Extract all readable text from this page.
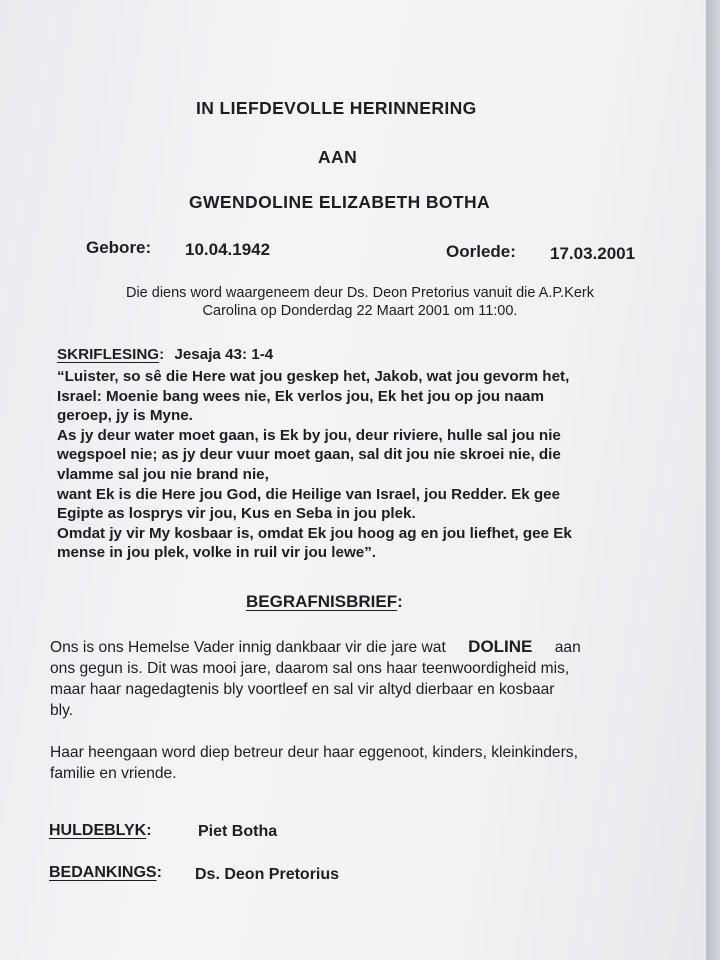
IN LIEFDEVOLLE HERINNERING
AAN
GWENDOLINE ELIZABETH BOTHA
Gebore: 10.04.1942	Oorlede: 17.03.2001
Die diens word waargeneem deur Ds. Deon Pretorius vanuit die A.P.Kerk
Carolina op Donderdag 22 Maart 2001 om 11:00.
SKRIFLESING: Jesaja 43: 1-4
“Luister, so sê die Here wat jou geskep het, Jakob, wat jou gevorm het,
Israel: Moenie bang wees nie, Ek verlos jou, Ek het jou op jou naam
geroep, jy is Myne.
As jy deur water moet gaan, is Ek by jou, deur riviere, hulle sal jou nie
wegspoel nie; as jy deur vuur moet gaan, sal dit jou nie skroei nie, die
vlamme sal jou nie brand nie,
want Ek is die Here jou God, die Heilige van Israel, jou Redder. Ek gee
Egipte as losprys vir jou, Kus en Seba in jou plek.
Omdat jy vir My kosbaar is, omdat Ek jou hoog ag en jou liefhet, gee Ek
mense in jou plek, volke in ruil vir jou lewe”.
BEGRAFNISBRIEF:
Ons is ons Hemelse Vader innig dankbaar vir die jare wat DOLINE aan
ons gegun is. Dit was mooi jare, daarom sal ons haar teenwoordigheid mis,
maar haar nagedagtenis bly voortleef en sal vir altyd dierbaar en kosbaar
bly.
Haar heengaan word diep betreur deur haar eggenoot, kinders, kleinkinders,
familie en vriende.
HULDEBLYK:	Piet Botha
BEDANKINGS: Ds. Deon Pretorius
